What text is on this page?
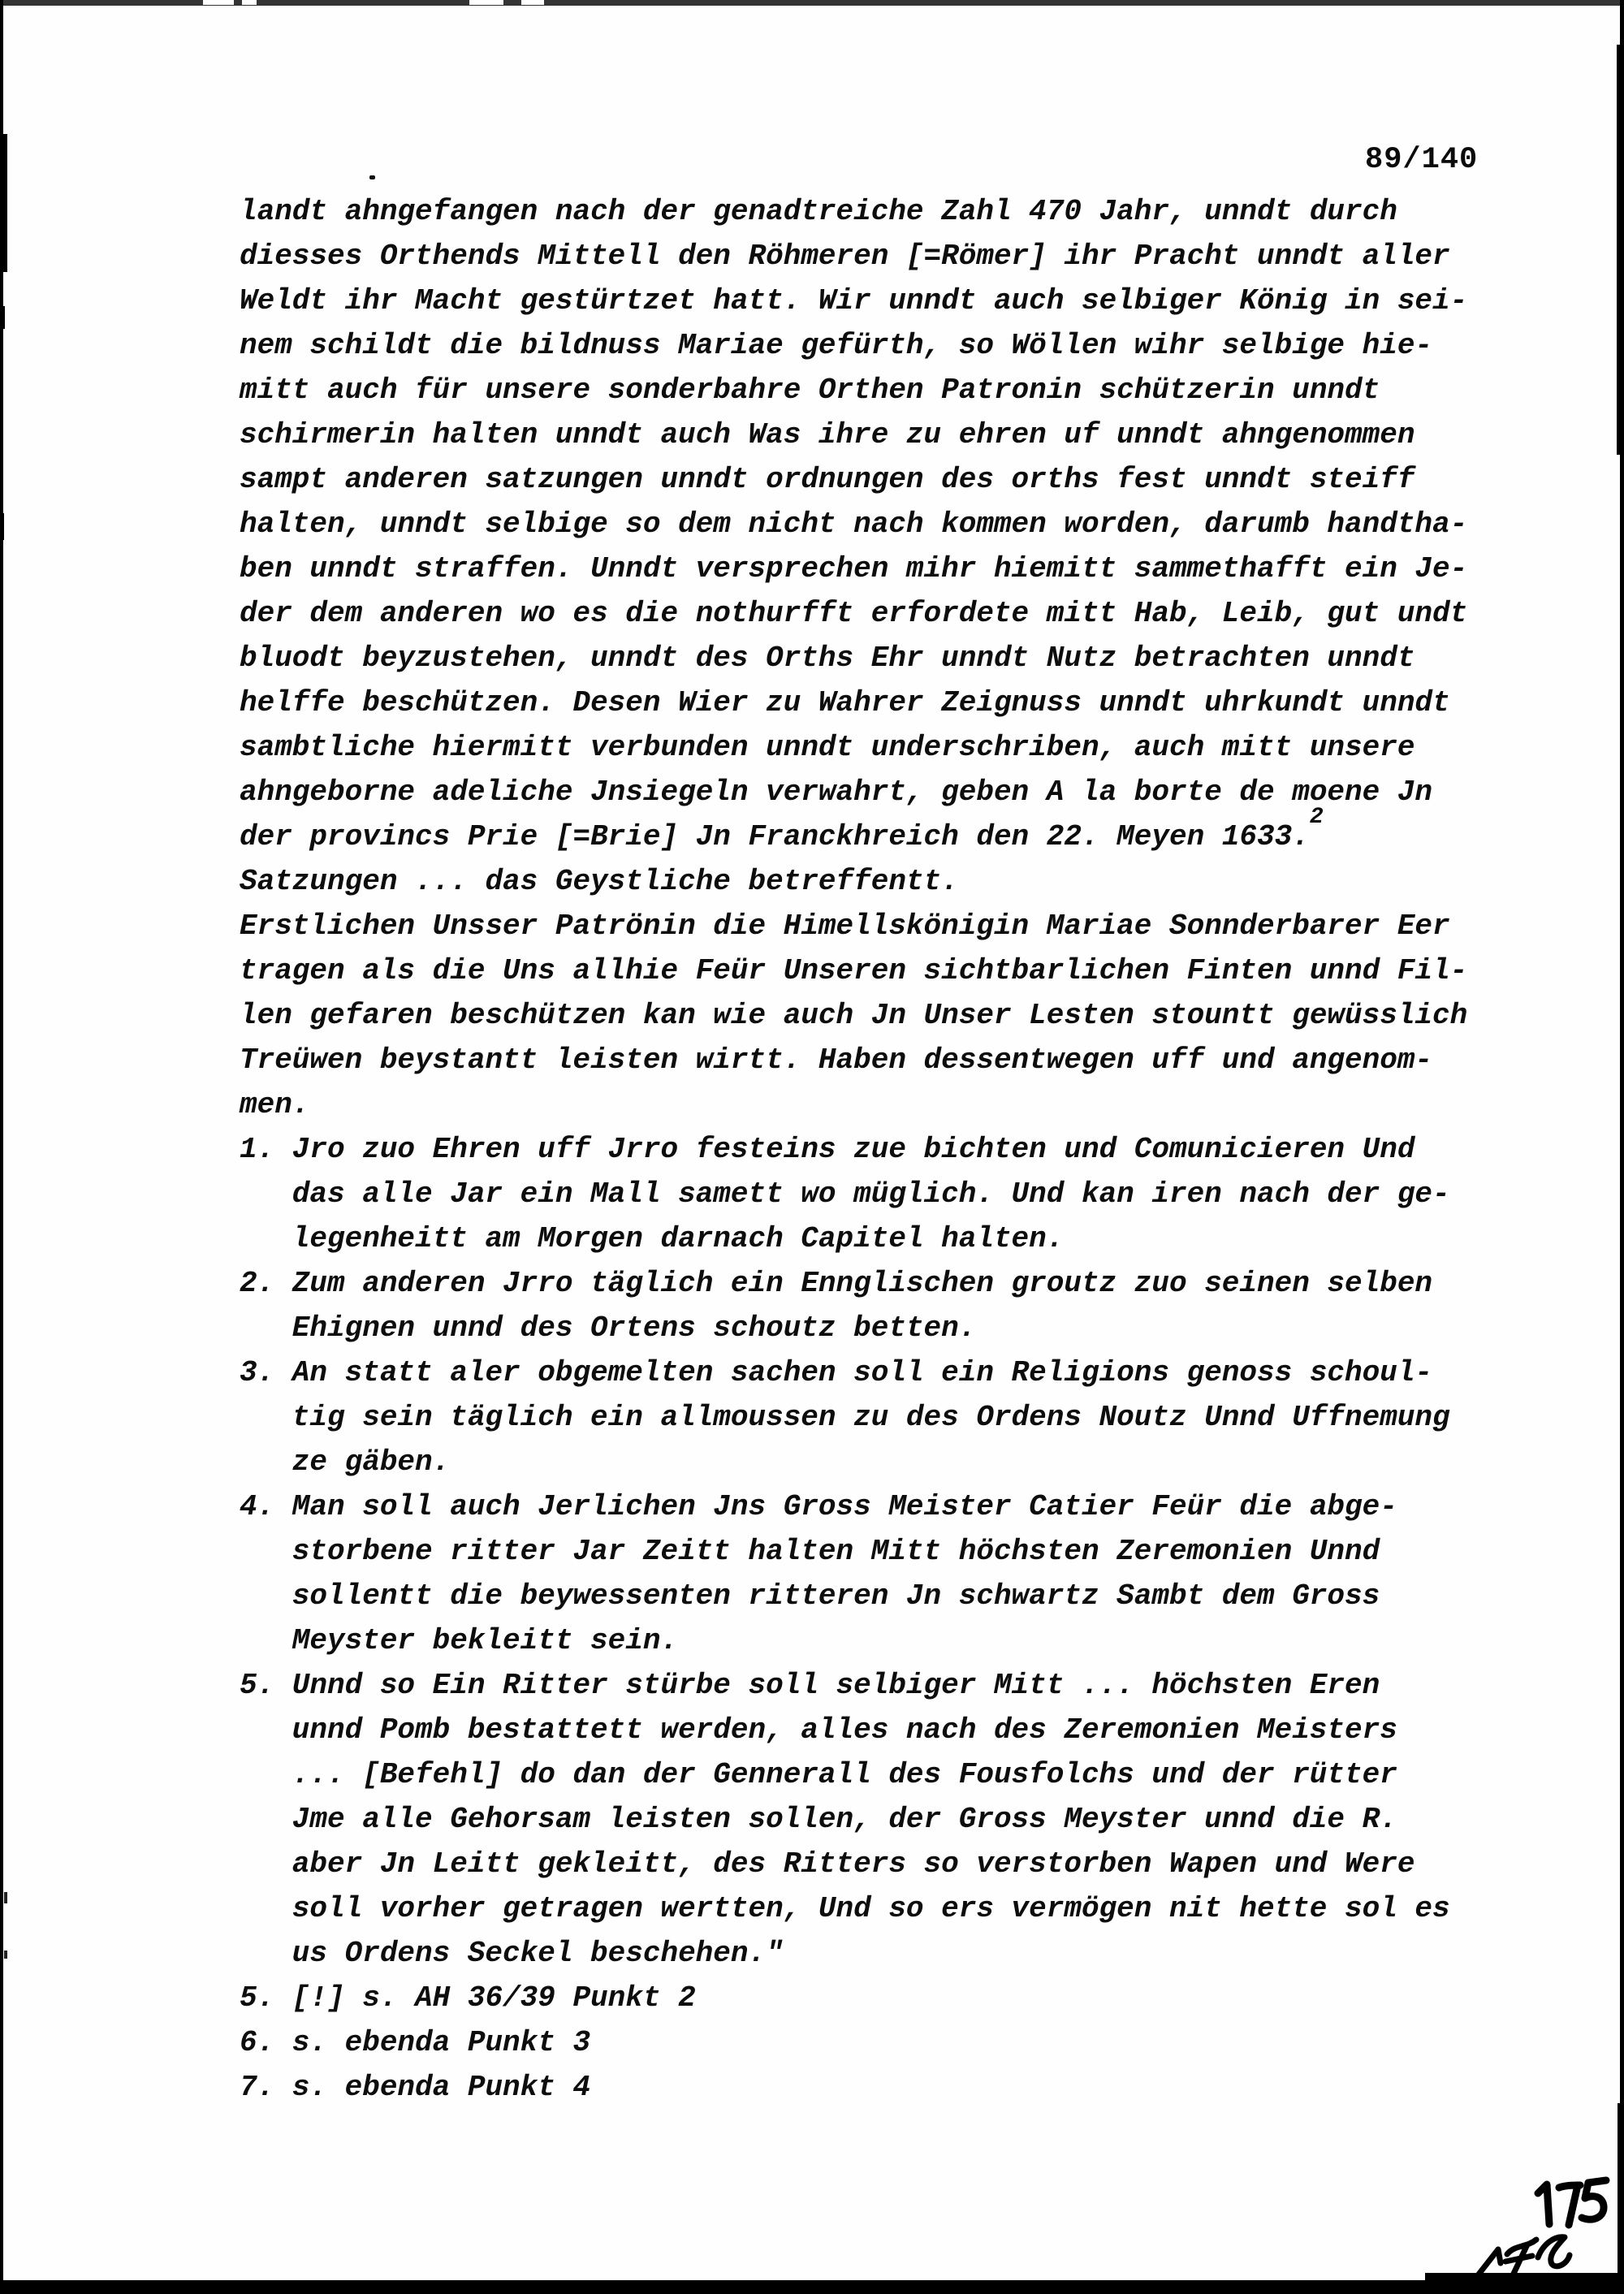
89/140
landt ahngefangen nach der genadtreiche Zahl 470 Jahr, unndt durch
diesses Orthends Mittell den Röhmeren [=Römer] ihr Pracht unndt aller
Weldt ihr Macht gestürtzet hatt. Wir unndt auch selbiger König in sei-
nem schildt die bildnuss Mariae gefürth, so Wöllen wihr selbige hie-
mitt auch für unsere sonderbahre Orthen Patronin schützerin unndt
schirmerin halten unndt auch Was ihre zu ehren uf unndt ahngenommen
sampt anderen satzungen unndt ordnungen des orths fest unndt steiff
halten, unndt selbige so dem nicht nach kommen worden, darumb handtha-
ben unndt straffen. Unndt versprechen mihr hiemitt sammethafft ein Je-
der dem anderen wo es die nothurfft erfordete mitt Hab, Leib, gut undt
bluodt beyzustehen, unndt des Orths Ehr unndt Nutz betrachten unndt
helffe beschützen. Desen Wier zu Wahrer Zeignuss unndt uhrkundt unndt
sambtliche hiermitt verbunden unndt underschriben, auch mitt unsere
ahngeborne adeliche Jnsiegeln verwahrt, geben A la borte de moene Jn
der provincs Prie [=Brie] Jn Franckhreich den 22. Meyen 1633.$^2$
Satzungen ... das Geystliche betreffentt.
Erstlichen Unsser Patrönin die Himellskönigin Mariae Sonnderbarer Eer
tragen als die Uns allhie Feür Unseren sichtbarlichen Finten unnd Fil-
len gefaren beschützen kan wie auch Jn Unser Lesten stountt gewüsslich
Treüwen beystantt leisten wirtt. Haben dessentwegen uff und angenom-
men.
1. Jro zuo Ehren uff Jrro festeins zue bichten und Comunicieren Und
das alle Jar ein Mall samett wo müglich. Und kan iren nach der ge-
legenheitt am Morgen darnach Capitel halten.
2. Zum anderen Jrro täglich ein Ennglischen groutz zuo seinen selben
Ehignen unnd des Ortens schoutz betten.
3. An statt aler obgemelten sachen soll ein Religions genoss schoul-
tig sein täglich ein allmoussen zu des Ordens Noutz Unnd Uffnemung
ze gäben.
4. Man soll auch Jerlichen Jns Gross Meister Catier Feür die abge-
storbene ritter Jar Zeitt halten Mitt höchsten Zeremonien Unnd
sollentt die beywessenten ritteren Jn schwartz Sambt dem Gross
Meyster bekleitt sein.
5. Unnd so Ein Ritter stürbe soll selbiger Mitt ... höchsten Eren
unnd Pomb bestattett werden, alles nach des Zeremonien Meisters
... [Befehl] do dan der Gennerall des Fousfolchs und der rütter
Jme alle Gehorsam leisten sollen, der Gross Meyster unnd die R.
aber Jn Leitt gekleitt, des Ritters so verstorben Wapen und Were
soll vorher getragen wertten, Und so ers vermögen nit hette sol es
us Ordens Seckel beschehen."
5. [!] s. AH 36/39 Punkt 2
6. s. ebenda Punkt 3
7. s. ebenda Punkt 4
